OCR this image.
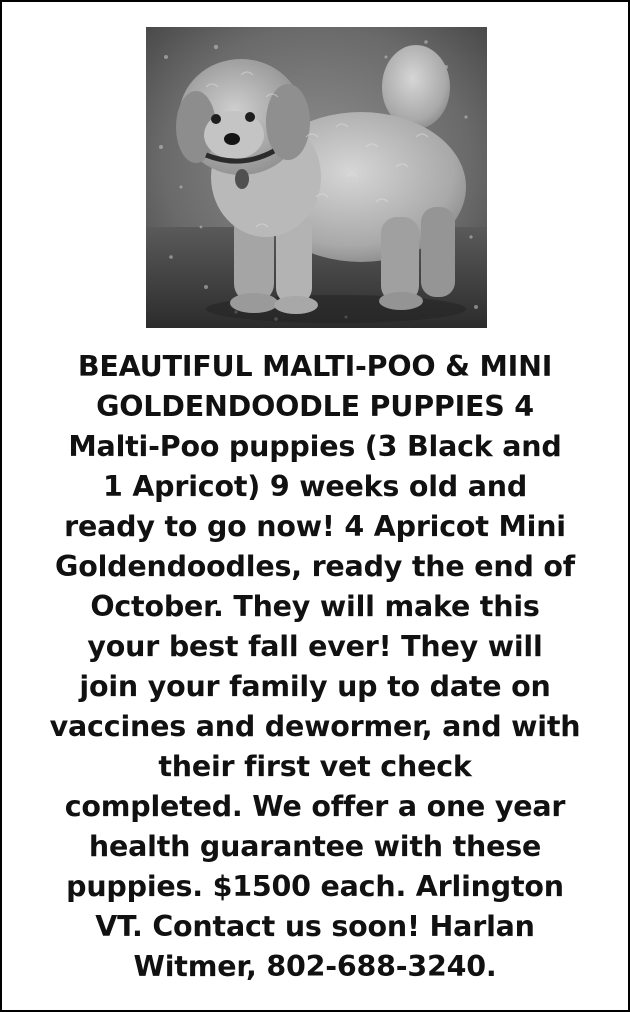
BEAUTIFUL MALTI-POO & MINI
GOLDENDOODLE PUPPIES 4
Malti-Poo puppies (3 Black and
1 Apricot) 9 weeks old and
ready to go now! 4 Apricot Mini
Goldendoodles, ready the end of
October. They will make this
your best fall ever! They will
join your family up to date on
vaccines and dewormer, and with
their first vet check
completed. We offer a one year
health guarantee with these
puppies. $1500 each. Arlington
VT. Contact us soon! Harlan
Witmer, 802-688-3240.
